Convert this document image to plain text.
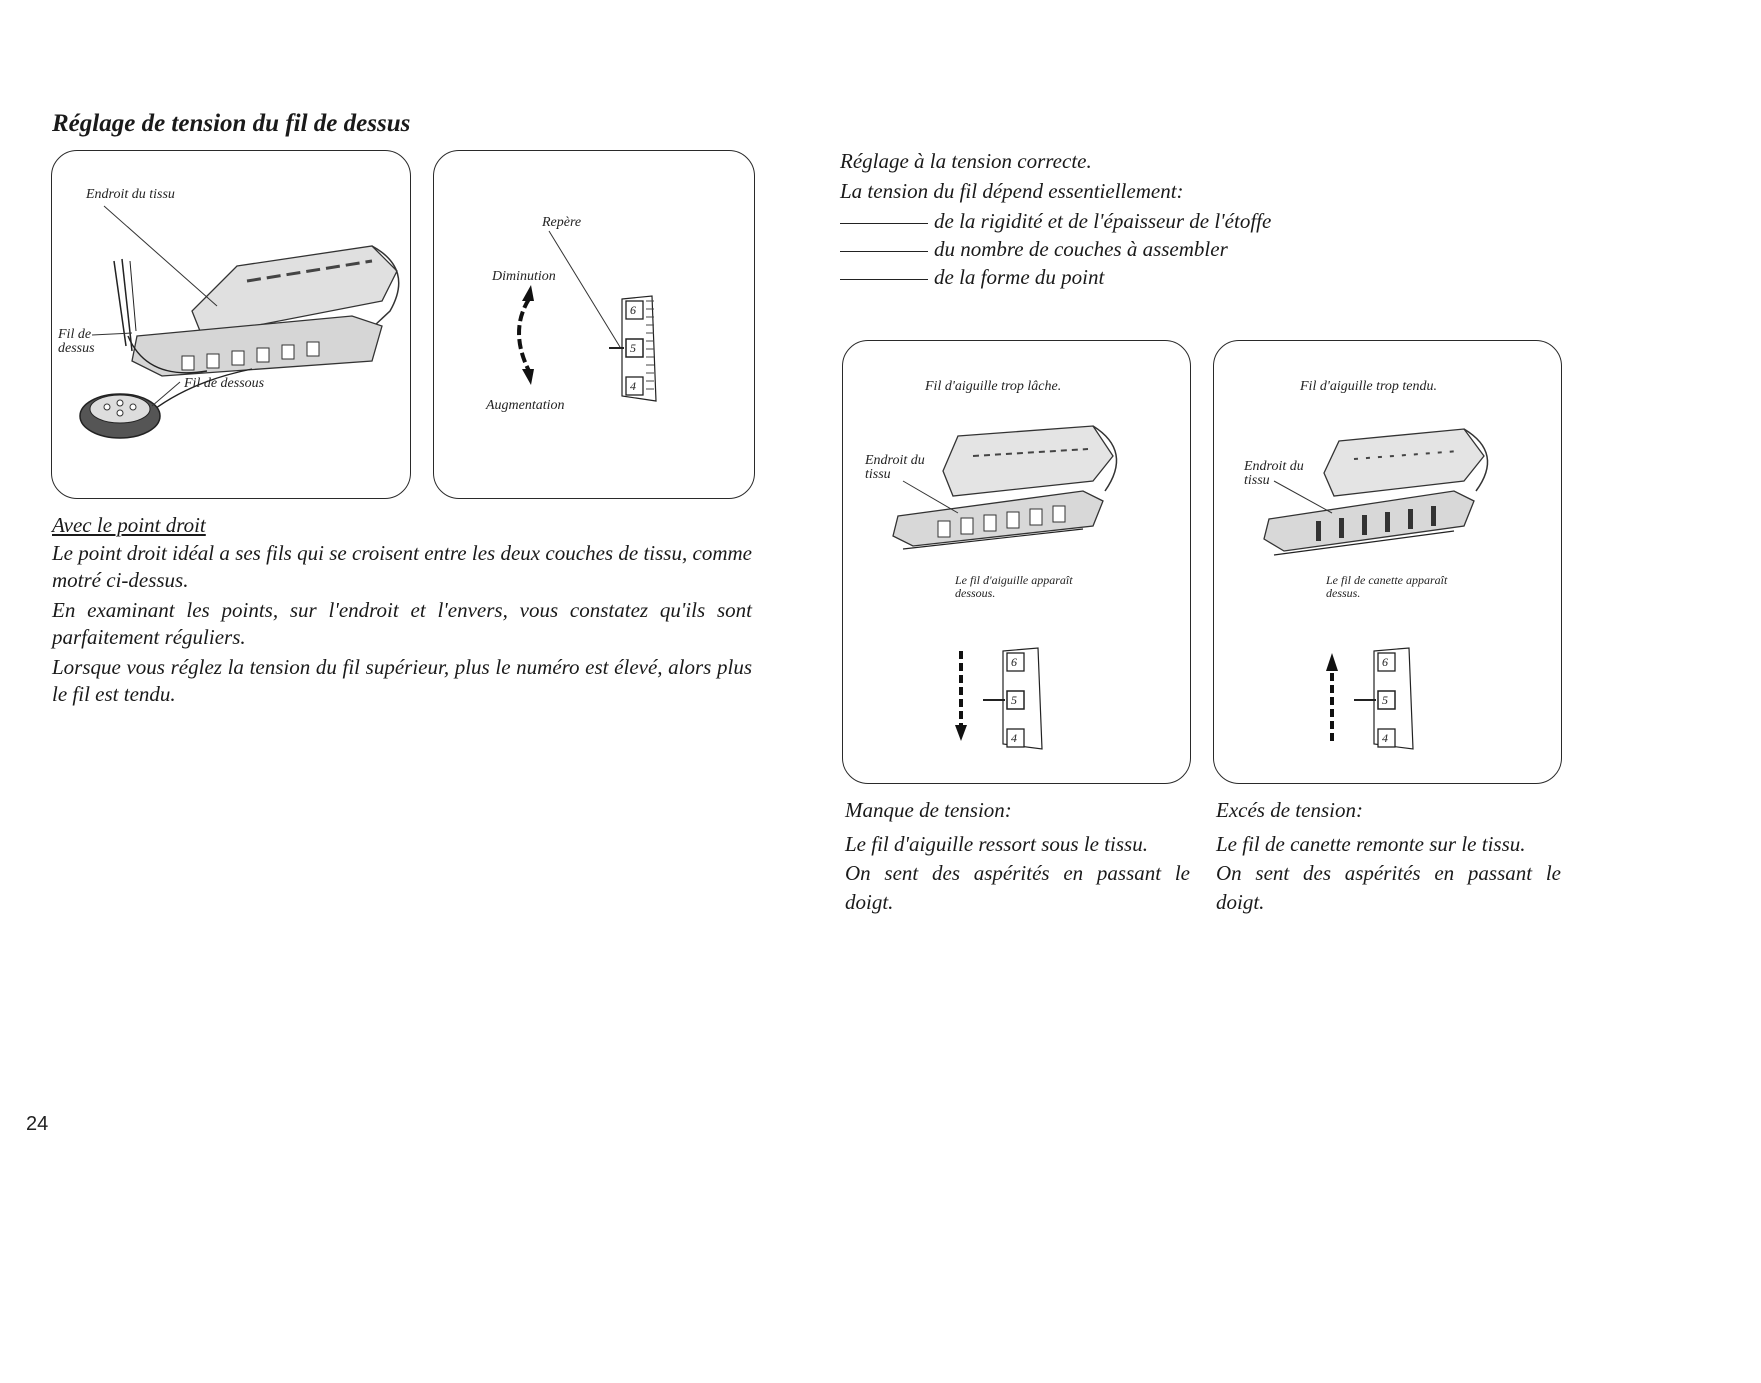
Réglage de tension du fil de dessus
Endroit du tissu
Fil de
dessus
Fil de dessous
6
5
4
Repère
Diminution
Augmentation
Avec le point droit
Le point droit idéal a ses fils qui se croisent entre les deux couches de tissu, comme motré ci-dessus.
En examinant les points, sur l'endroit et l'envers, vous constatez qu'ils sont parfaitement réguliers.
Lorsque vous réglez la tension du fil supérieur, plus le numéro est élevé, alors plus le fil est tendu.
Réglage à la tension correcte.
La tension du fil dépend essentiellement:
de la rigidité et de l'épaisseur de l'étoffe
du nombre de couches à assembler
de la forme du point
6
5
4
Fil d'aiguille trop lâche.
Endroit du
tissu
Le fil d'aiguille apparaît
dessous.
6
5
4
Fil d'aiguille trop tendu.
Endroit du
tissu
Le fil de canette apparaît
dessus.
Manque de tension:
Le fil d'aiguille ressort sous le tissu.
On sent des aspérités en passant le doigt.
Excés de tension:
Le fil de canette remonte sur le tissu.
On sent des aspérités en passant le doigt.
24
